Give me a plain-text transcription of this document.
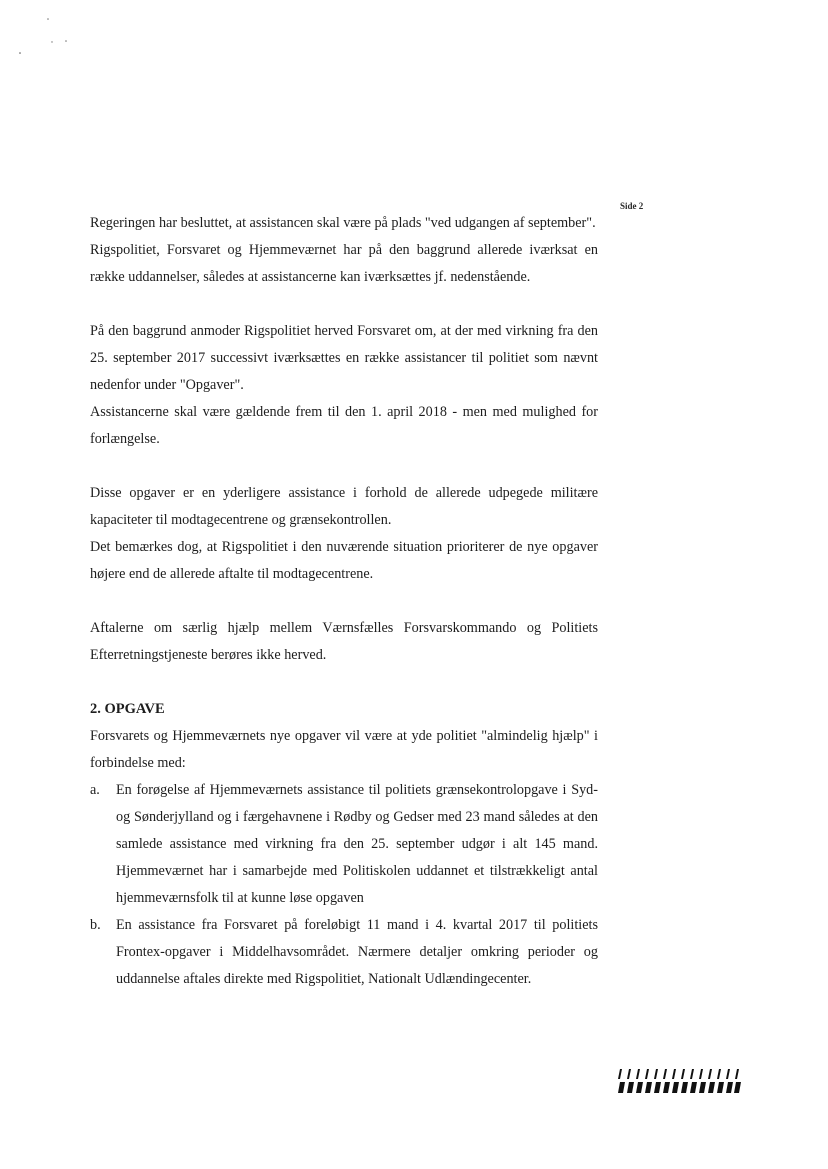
Side 2

Regeringen har besluttet, at assistancen skal være på plads "ved udgangen af september".

Rigspolitiet, Forsvaret og Hjemmeværnet har på den baggrund allerede iværksat en række uddannelser, således at assistancerne kan iværksættes jf. nedenstående.

På den baggrund anmoder Rigspolitiet herved Forsvaret om, at der med virkning fra den 25. september 2017 successivt iværksættes en række assistancer til politiet som nævnt nedenfor under "Opgaver".

Assistancerne skal være gældende frem til den 1. april 2018 - men med mulighed for forlængelse.

Disse opgaver er en yderligere assistance i forhold de allerede udpegede militære kapaciteter til modtagecentrene og grænsekontrollen.

Det bemærkes dog, at Rigspolitiet i den nuværende situation prioriterer de nye opgaver højere end de allerede aftalte til modtagecentrene.

Aftalerne om særlig hjælp mellem Værnsfælles Forsvarskommando og Politiets Efterretningstjeneste berøres ikke herved.

2. OPGAVE

Forsvarets og Hjemmeværnets nye opgaver vil være at yde politiet "almindelig hjælp" i forbindelse med:

a. En forøgelse af Hjemmeværnets assistance til politiets grænsekontrolopgave i Syd- og Sønderjylland og i færgehavnene i Rødby og Gedser med 23 mand således at den samlede assistance med virkning fra den 25. september udgør i alt 145 mand. Hjemmeværnet har i samarbejde med Politiskolen uddannet et tilstrækkeligt antal hjemmeværnsfolk til at kunne løse opgaven
b. En assistance fra Forsvaret på foreløbigt 11 mand i 4. kvartal 2017 til politiets Frontex-opgaver i Middelhavsområdet. Nærmere detaljer omkring perioder og uddannelse aftales direkte med Rigspolitiet, Nationalt Udlændingecenter.
